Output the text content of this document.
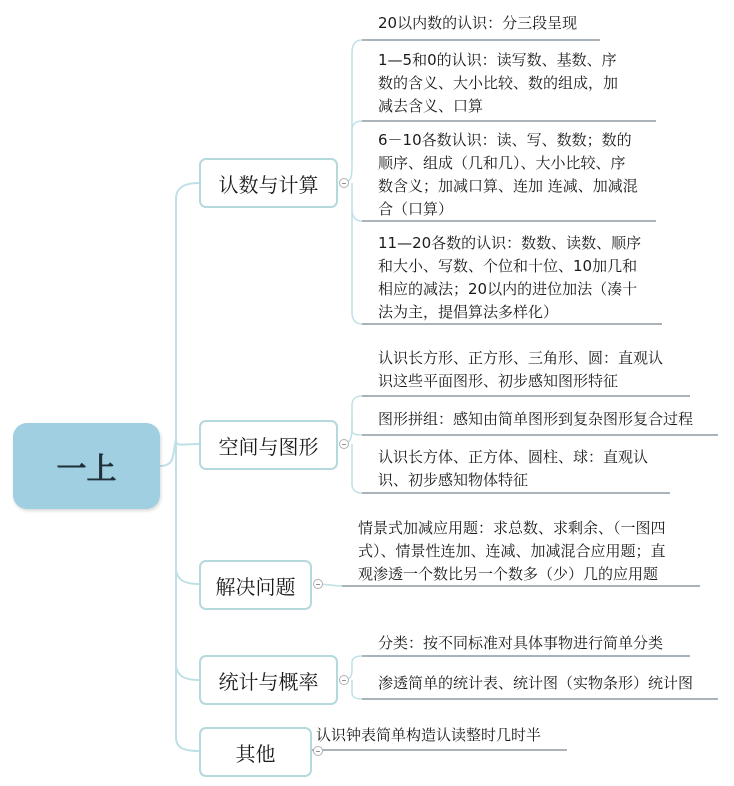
一上
认数与计算
空间与图形
解决问题
统计与概率
其他
20以内数的认识：分三段呈现
1—5和0的认识：读写数、基数、序
数的含义、大小比较、数的组成，加
减去含义、口算
6－10各数认识：读、写、数数；数的
顺序、组成（几和几）、大小比较、序
数含义；加减口算、连加 连减、加减混
合（口算）
11—20各数的认识：数数、读数、顺序
和大小、写数、个位和十位、10加几和
相应的减法；20以内的进位加法（凑十
法为主，提倡算法多样化）
认识长方形、正方形、三角形、圆：直观认
识这些平面图形、初步感知图形特征
图形拼组：感知由简单图形到复杂图形复合过程
认识长方体、正方体、圆柱、球：直观认
识、初步感知物体特征
情景式加减应用题：求总数、求剩余、（一图四
式）、情景性连加、连减、加减混合应用题；直
观渗透一个数比另一个数多（少）几的应用题
分类：按不同标准对具体事物进行简单分类
渗透简单的统计表、统计图（实物条形）统计图
认识钟表简单构造认读整时几时半
